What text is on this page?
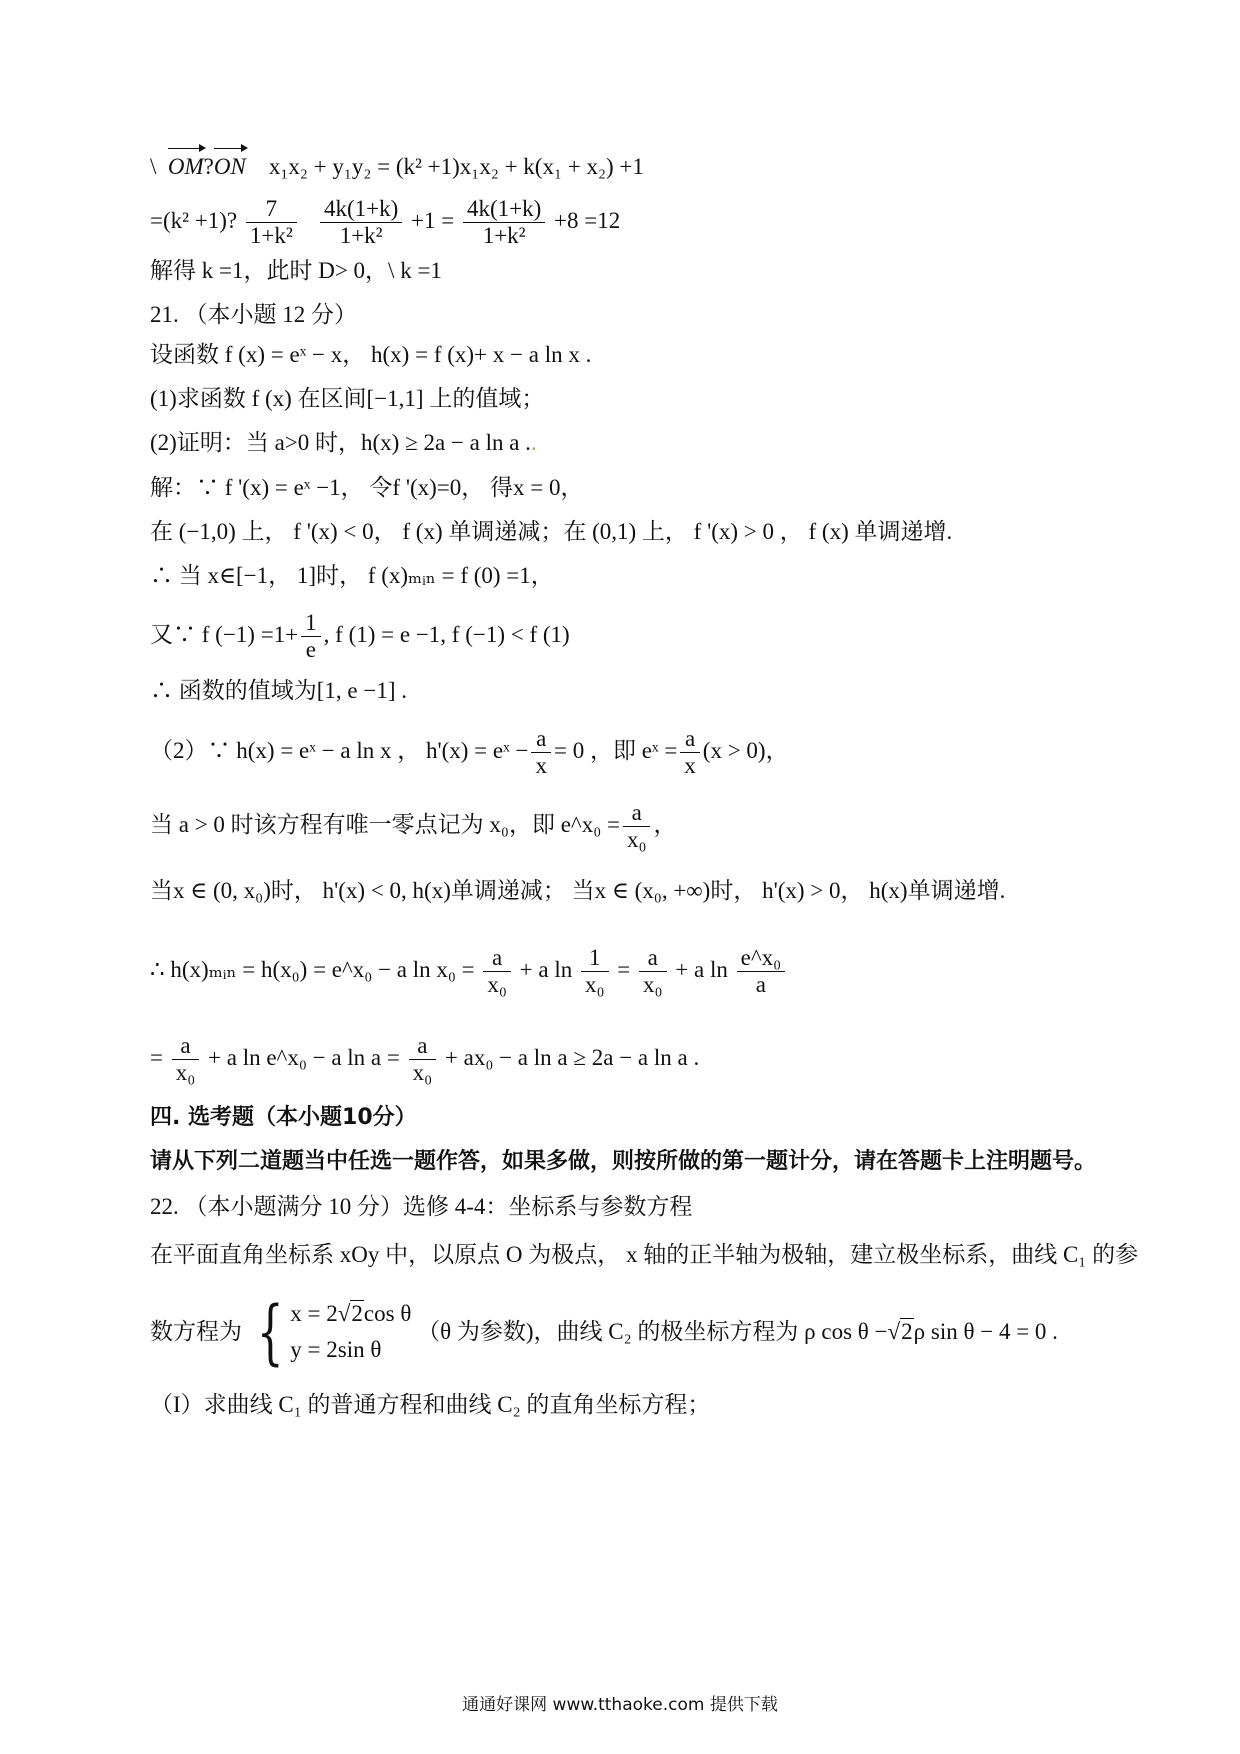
\ OM?ON x₁x₂ + y₁y₂ = (k² +1)x₁x₂ + k(x₁ + x₂) +1
=(k² +1)? $\frac{7}{\text{1+k²}}$
$\frac{4k(1+k)}{\text{1+k²}} +1 = \frac{4k(1+k)}{\text{1+k²}} +8 =12$
解得 k =1，此时 D> 0，\ k =1
21. （本小题 12 分）
设函数 f (x) = eˣ − x， h(x) = f (x)+ x − a ln x .
(1)求函数 f (x) 在区间[−1,1] 上的值域；
(2)证明：当 a>0 时，h(x) ≥ 2a − a ln a ..
解：∵ f '(x) = eˣ −1， 令f '(x)=0， 得x = 0，
在 (−1,0) 上， f '(x) < 0， f (x) 单调递减；在 (0,1) 上， f '(x) > 0 ， f (x) 单调递增.
∴ 当 x∈[−1， 1]时， f (x)ₘᵢₙ = f (0) =1，
又∵ f $(-1) =1+ \frac{1}{e}$ , f (1) = e −1, f (−1) < f (1)
∴ 函数的值域为[1, e −1] .
（2）∵ h(x) = eˣ − a ln x ， h'(x) = eˣ − $\frac{a}{x} = 0$ ，即 eˣ = $\frac{a}{x} (x > 0)$，
当 a > 0 时该方程有唯一零点记为 x₀，即 e^x₀ = $\frac{a}{\text{x₀}}$ ，
当x ∈ (0, x₀)时， h'(x) < 0, h(x)单调递减； 当x ∈ (x₀, +∞)时， h'(x) > 0， h(x)单调递增.
∴ h(x)ₘᵢₙ = h(x₀) = e^x₀ − a $\ln x_0 = \frac{a}{\text{x₀}} + a$ $\ln \frac{1}{\text{x₀}} = \frac{a}{\text{x₀}} + a$ $\ln \frac{\text{e\textasciicircum{}x₀}}{a}$
= $\frac{a}{\text{x₀}} + a$ ln e^x₀ − a $\ln a = \frac{a}{\text{x₀}} + ax_0 - a$ ln a ≥ 2a − a ln a .
四. 选考题（本小题10分）
请从下列二道题当中任选一题作答，如果多做，则按所做的第一题计分，请在答题卡上注明题号。
22. （本小题满分 10 分）选修 4-4：坐标系与参数方程
在平面直角坐标系 xOy 中，以原点 O 为极点， x 轴的正半轴为极轴，建立极坐标系，曲线 C₁ 的参
数方程为 { x = 2√2cos θ
y = 2sin θ
（θ 为参数)，曲线 C₂ 的极坐标方程为 ρ cos θ −√2ρ sin θ − 4 = 0 .
（I）求曲线 C₁ 的普通方程和曲线 C₂ 的直角坐标方程；
通通好课网 www.tthaoke.com 提供下载
